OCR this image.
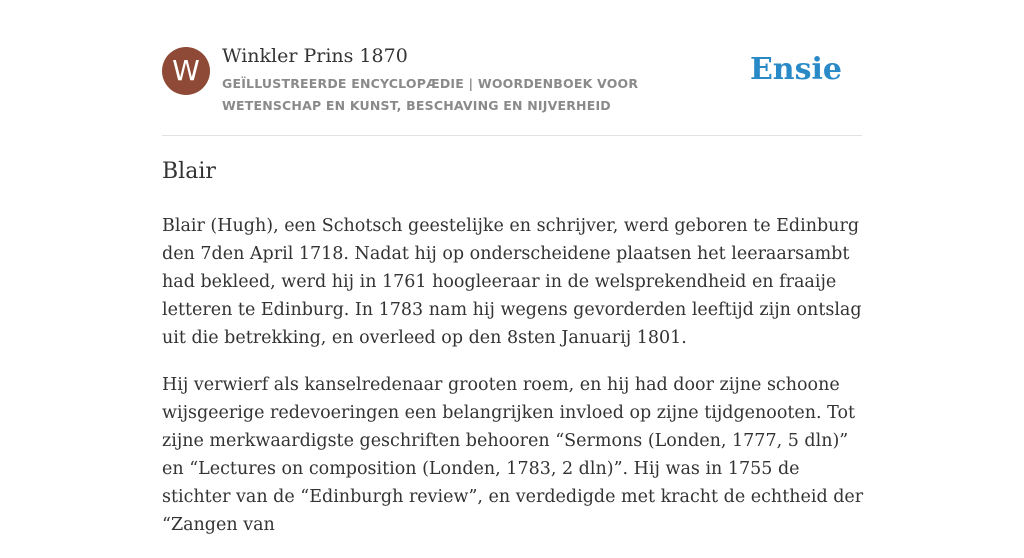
W	Winkler Prins 1870
GEÏLLUSTREERDE ENCYCLOPÆDIE | WOORDENBOEK VOOR WETENSCHAP EN KUNST, BESCHAVING EN NIJVERHEID
Ensie
Blair

Blair (Hugh), een Schotsch geestelijke en schrijver, werd geboren te Edinburg den 7den April 1718. Nadat hij op onderscheidene plaatsen het leeraarsambt had bekleed, werd hij in 1761 hoogleeraar in de welsprekendheid en fraaije letteren te Edinburg. In 1783 nam hij wegens gevorderden leeftijd zijn ontslag uit die betrekking, en overleed op den 8sten Januarij 1801.

Hij verwierf als kanselredenaar grooten roem, en hij had door zijne schoone wijsgeerige redevoeringen een belangrijken invloed op zijne tijdgenooten. Tot zijne merkwaardigste geschriften behooren “Sermons (Londen, 1777, 5 dln)” en “Lectures on composition (Londen, 1783, 2 dln)”. Hij was in 1755 de stichter van de “Edinburgh review”, en verdedigde met kracht de echtheid der “Zangen van
